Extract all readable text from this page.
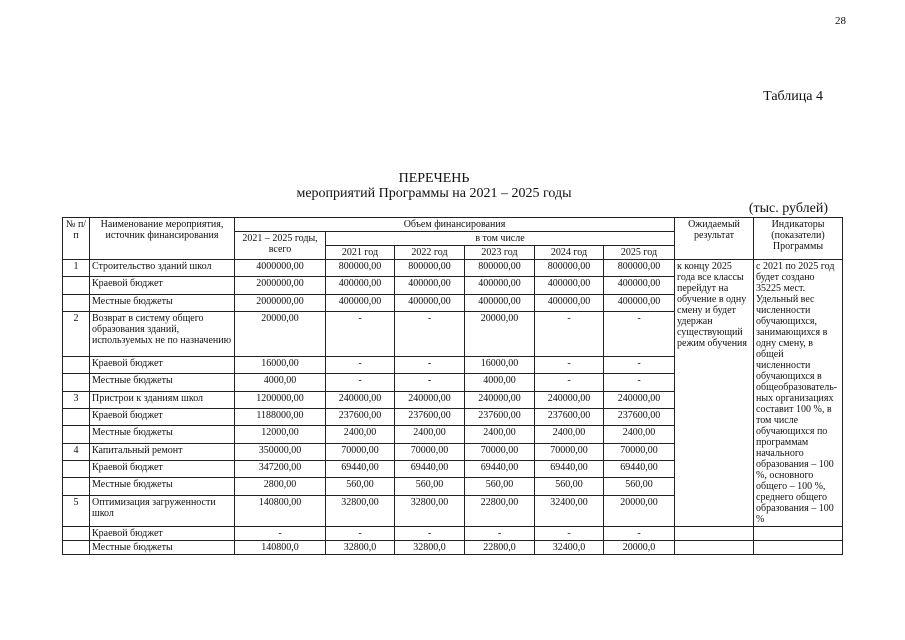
28
Таблица 4
ПЕРЕЧЕНЬ
мероприятий Программы на 2021 – 2025 годы
(тыс. рублей)
№ п/п	Наименование мероприятия, источник финансирования	Объем финансирования						Ожидаемый результат	Индикаторы (показатели) Программы
		2021 – 2025 годы, всего	в том числе						
			2021 год	2022 год	2023 год	2024 год	2025 год		
1	Строительство зданий школ	4000000,00	800000,00	800000,00	800000,00	800000,00	800000,00	к концу 2025 года все классы перейдут на обучение в одну смену и будет удержан существующий режим обучения	с 2021 по 2025 год будет создано 35225 мест. Удельный вес численности обучающихся, занимающихся в одну смену, в общей численности обучающихся в общеобразователь-ных организациях составит 100 %, в том числе обучающихся по программам начального образования – 100 %, основного общего – 100 %, среднего общего образования – 100 %
	Краевой бюджет	2000000,00	400000,00	400000,00	400000,00	400000,00	400000,00		
	Местные бюджеты	2000000,00	400000,00	400000,00	400000,00	400000,00	400000,00		
2	Возврат в систему общего образования зданий, используемых не по назначению	20000,00	-	-	20000,00	-	-		
	Краевой бюджет	16000,00	-	-	16000,00	-	-		
	Местные бюджеты	4000,00	-	-	4000,00	-	-		
3	Пристрои к зданиям школ	1200000,00	240000,00	240000,00	240000,00	240000,00	240000,00		
	Краевой бюджет	1188000,00	237600,00	237600,00	237600,00	237600,00	237600,00		
	Местные бюджеты	12000,00	2400,00	2400,00	2400,00	2400,00	2400,00		
4	Капитальный ремонт	350000,00	70000,00	70000,00	70000,00	70000,00	70000,00		
	Краевой бюджет	347200,00	69440,00	69440,00	69440,00	69440,00	69440,00		
	Местные бюджеты	2800,00	560,00	560,00	560,00	560,00	560,00		
5	Оптимизация загруженности школ	140800,00	32800,00	32800,00	22800,00	32400,00	20000,00		
	Краевой бюджет	-	-	-	-	-	-		
	Местные бюджеты	140800,0	32800,0	32800,0	22800,0	32400,0	20000,0		
